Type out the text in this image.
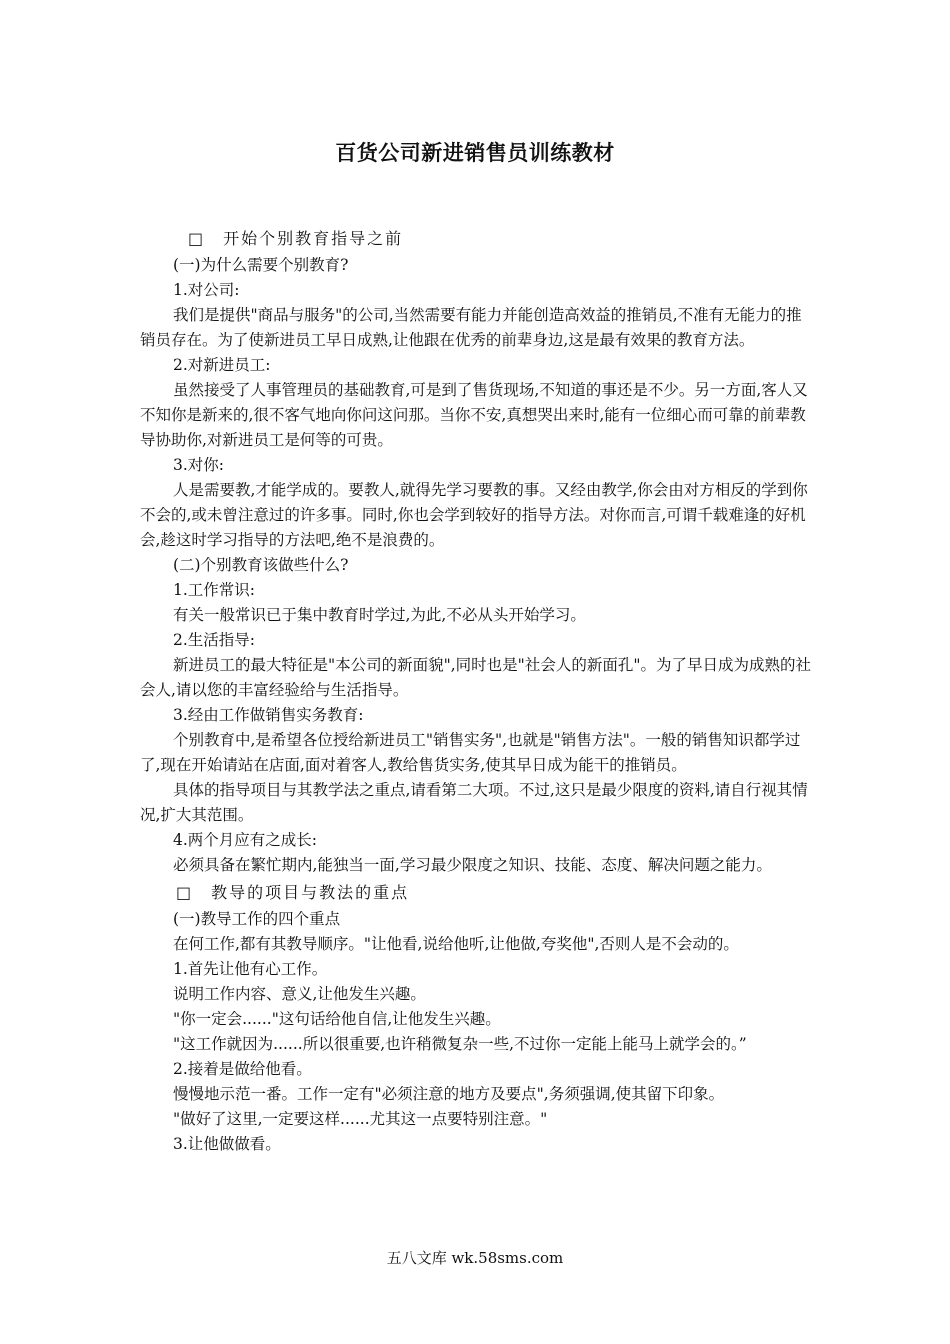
百货公司新进销售员训练教材

□　开始个别教育指导之前

(一)为什么需要个别教育?

1.对公司:

我们是提供"商品与服务"的公司,当然需要有能力并能创造高效益的推销员,不准有无能力的推销员存在。为了使新进员工早日成熟,让他跟在优秀的前辈身边,这是最有效果的教育方法。

2.对新进员工:

虽然接受了人事管理员的基础教育,可是到了售货现场,不知道的事还是不少。另一方面,客人又不知你是新来的,很不客气地向你问这问那。当你不安,真想哭出来时,能有一位细心而可靠的前辈教导协助你,对新进员工是何等的可贵。

3.对你:

人是需要教,才能学成的。要教人,就得先学习要教的事。又经由教学,你会由对方相反的学到你不会的,或未曾注意过的许多事。同时,你也会学到较好的指导方法。对你而言,可谓千载难逢的好机会,趁这时学习指导的方法吧,绝不是浪费的。

(二)个别教育该做些什么?

1.工作常识:

有关一般常识已于集中教育时学过,为此,不必从头开始学习。

2.生活指导:

新进员工的最大特征是"本公司的新面貌",同时也是"社会人的新面孔"。为了早日成为成熟的社会人,请以您的丰富经验给与生活指导。

3.经由工作做销售实务教育:

个别教育中,是希望各位授给新进员工"销售实务",也就是"销售方法"。一般的销售知识都学过了,现在开始请站在店面,面对着客人,教给售货实务,使其早日成为能干的推销员。

具体的指导项目与其教学法之重点,请看第二大项。不过,这只是最少限度的资料,请自行视其情况,扩大其范围。

4.两个月应有之成长:

必须具备在繁忙期内,能独当一面,学习最少限度之知识、技能、态度、解决问题之能力。

□　教导的项目与教法的重点

(一)教导工作的四个重点

在何工作,都有其教导顺序。"让他看,说给他听,让他做,夸奖他",否则人是不会动的。

1.首先让他有心工作。

说明工作内容、意义,让他发生兴趣。

"你一定会......"这句话给他自信,让他发生兴趣。

"这工作就因为......所以很重要,也许稍微复杂一些,不过你一定能上能马上就学会的。”

2.接着是做给他看。

慢慢地示范一番。工作一定有"必须注意的地方及要点",务须强调,使其留下印象。

"做好了这里,一定要这样......尤其这一点要特别注意。"

3.让他做做看。

五八文库 wk.58sms.com
